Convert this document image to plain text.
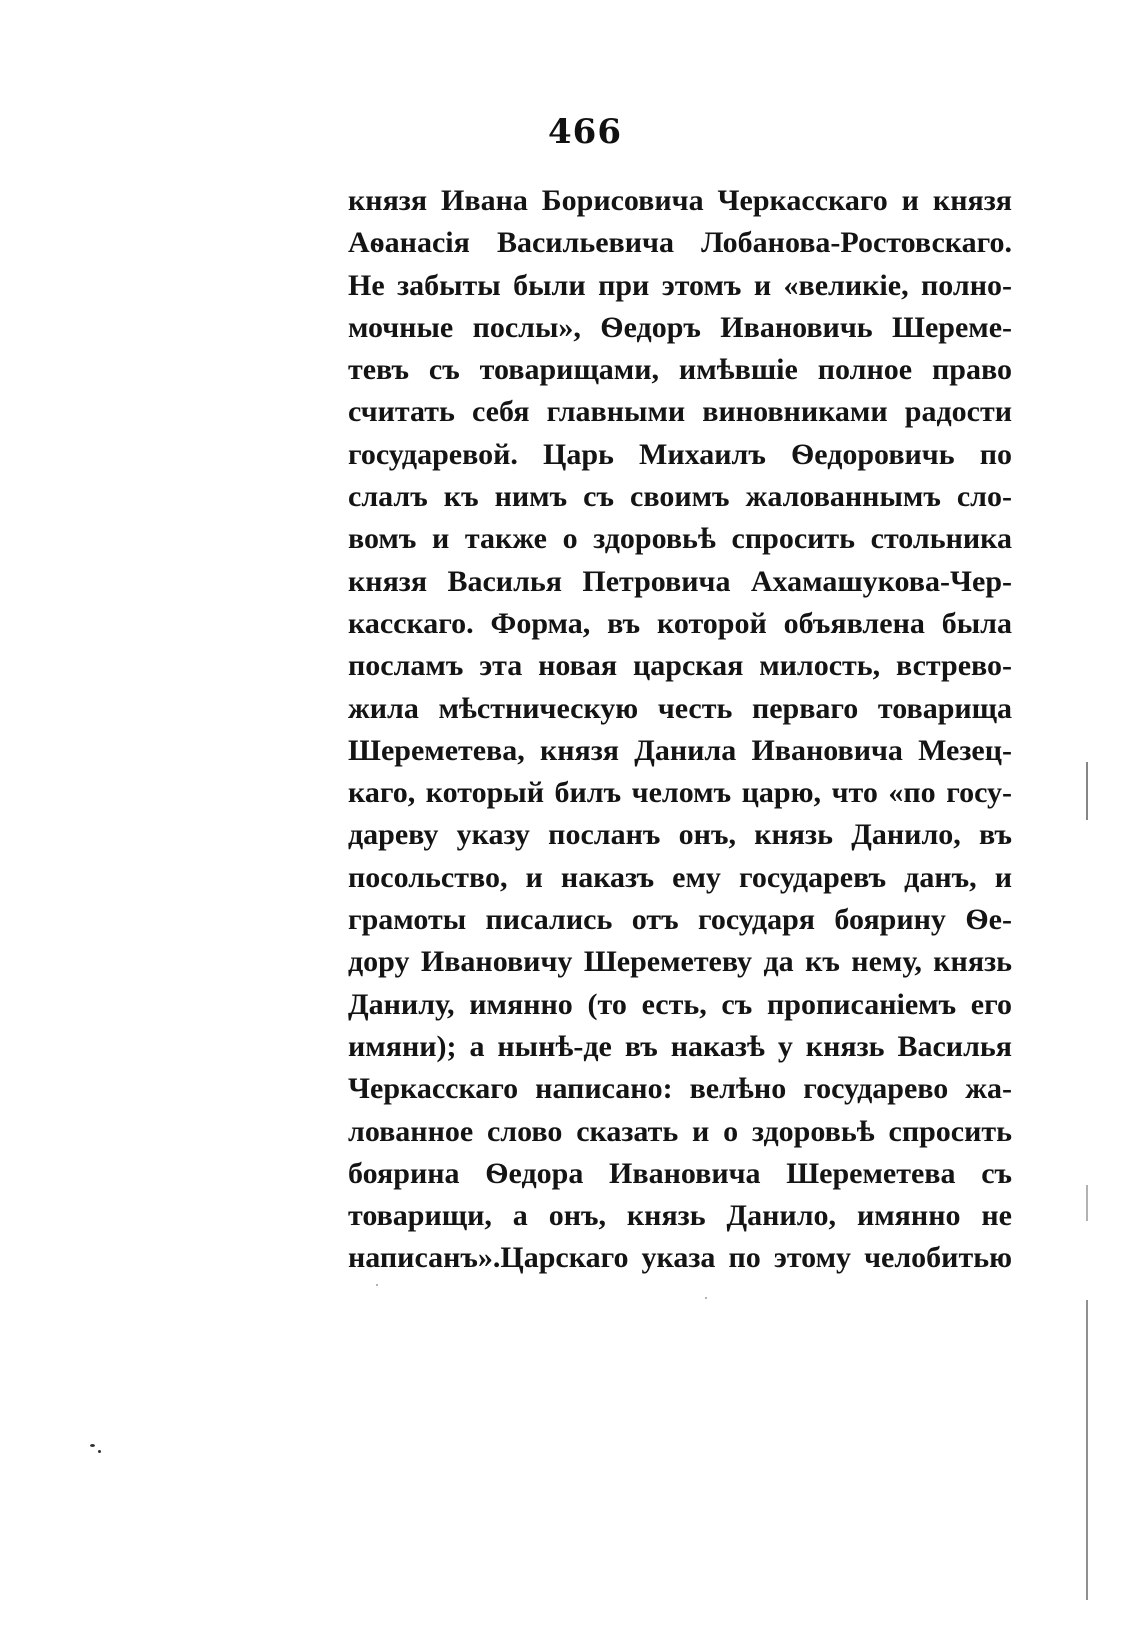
466
князя Ивана Борисовича Черкасскаго и князя
Аѳанасія Васильевича Лобанова-Ростовскаго.
Не забыты были при этомъ и «великіе, полно-
мочные послы», Ѳедоръ Ивановичь Шереме-
тевъ съ товарищами, имѣвшіе полное право
считать себя главными виновниками радости
государевой. Царь Михаилъ Ѳедоровичь по
слалъ къ нимъ съ своимъ жалованнымъ сло-
вомъ и также о здоровьѣ спросить стольника
князя Василья Петровича Ахамашукова-Чер-
касскаго. Форма, въ которой объявлена была
посламъ эта новая царская милость, встрево-
жила мѣстническую честь перваго товарища
Шереметева, князя Данила Ивановича Мезец-
каго, который билъ челомъ царю, что «по госу-
дареву указу посланъ онъ, князь Данило, въ
посольство, и наказъ ему государевъ данъ, и
грамоты писались отъ государя боярину Ѳе-
дору Ивановичу Шереметеву да къ нему, князь
Данилу, имянно (то есть, съ прописаніемъ его
имяни); а нынѣ-де въ наказѣ у князь Василья
Черкасскаго написано: велѣно государево жа-
лованное слово сказать и о здоровьѣ спросить
боярина Ѳедора Ивановича Шереметева съ
товарищи, а онъ, князь Данило, имянно не
написанъ».Царскаго указа по этому челобитью
